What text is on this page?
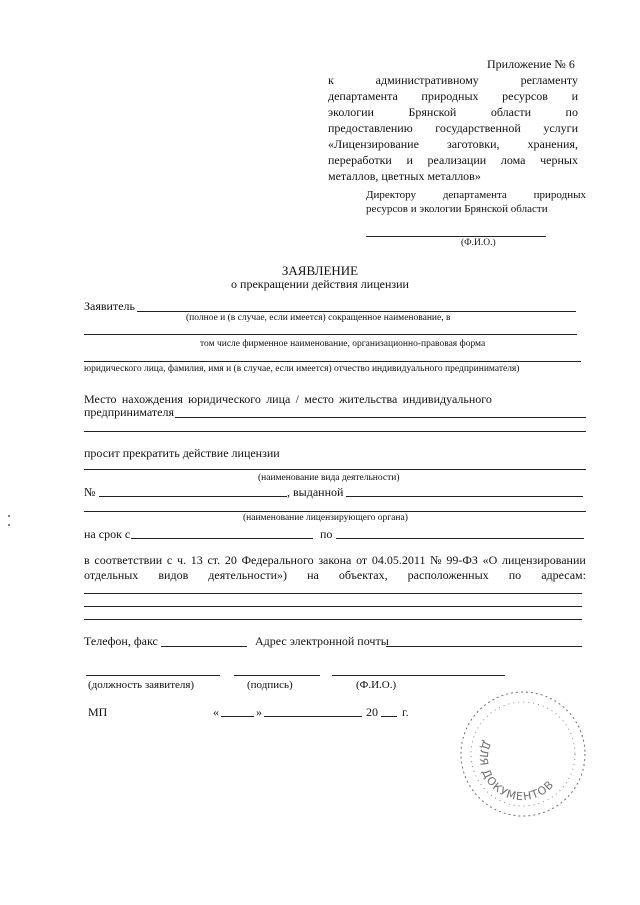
Приложение № 6
к	административному	регламенту
департамента природных ресурсов и
экологии	Брянской	области	по
предоставлению государственной услуги
«Лицензирование заготовки, хранения,
переработки и реализации лома черных
металлов, цветных металлов»
Директору департамента природных
ресурсов и экологии Брянской области
(Ф.И.О.)
ЗАЯВЛЕНИЕ
о прекращении действия лицензии
Заявитель
(полное и (в случае, если имеется) сокращенное наименование, в
том числе фирменное наименование, организационно-правовая форма
юридического лица, фамилия, имя и (в случае, если имеется) отчество индивидуального предпринимателя)
Место нахождения юридического лица / место жительства индивидуального
предпринимателя
просит прекратить действие лицензии
(наименование вида деятельности)
№	, выданной
(наименование лицензирующего органа)
на срок с	по
в соответствии с ч. 13 ст. 20 Федерального закона от 04.05.2011 № 99-ФЗ «О лицензировании
отдельных видов деятельности») на объектах, расположенных по адресам:
Телефон, факс	Адрес электронной почты
(должность заявителя)	(подпись)	(Ф.И.О.)
МП	«	»	20 г.
ДЛЯ ДОКУМЕНТОВ
